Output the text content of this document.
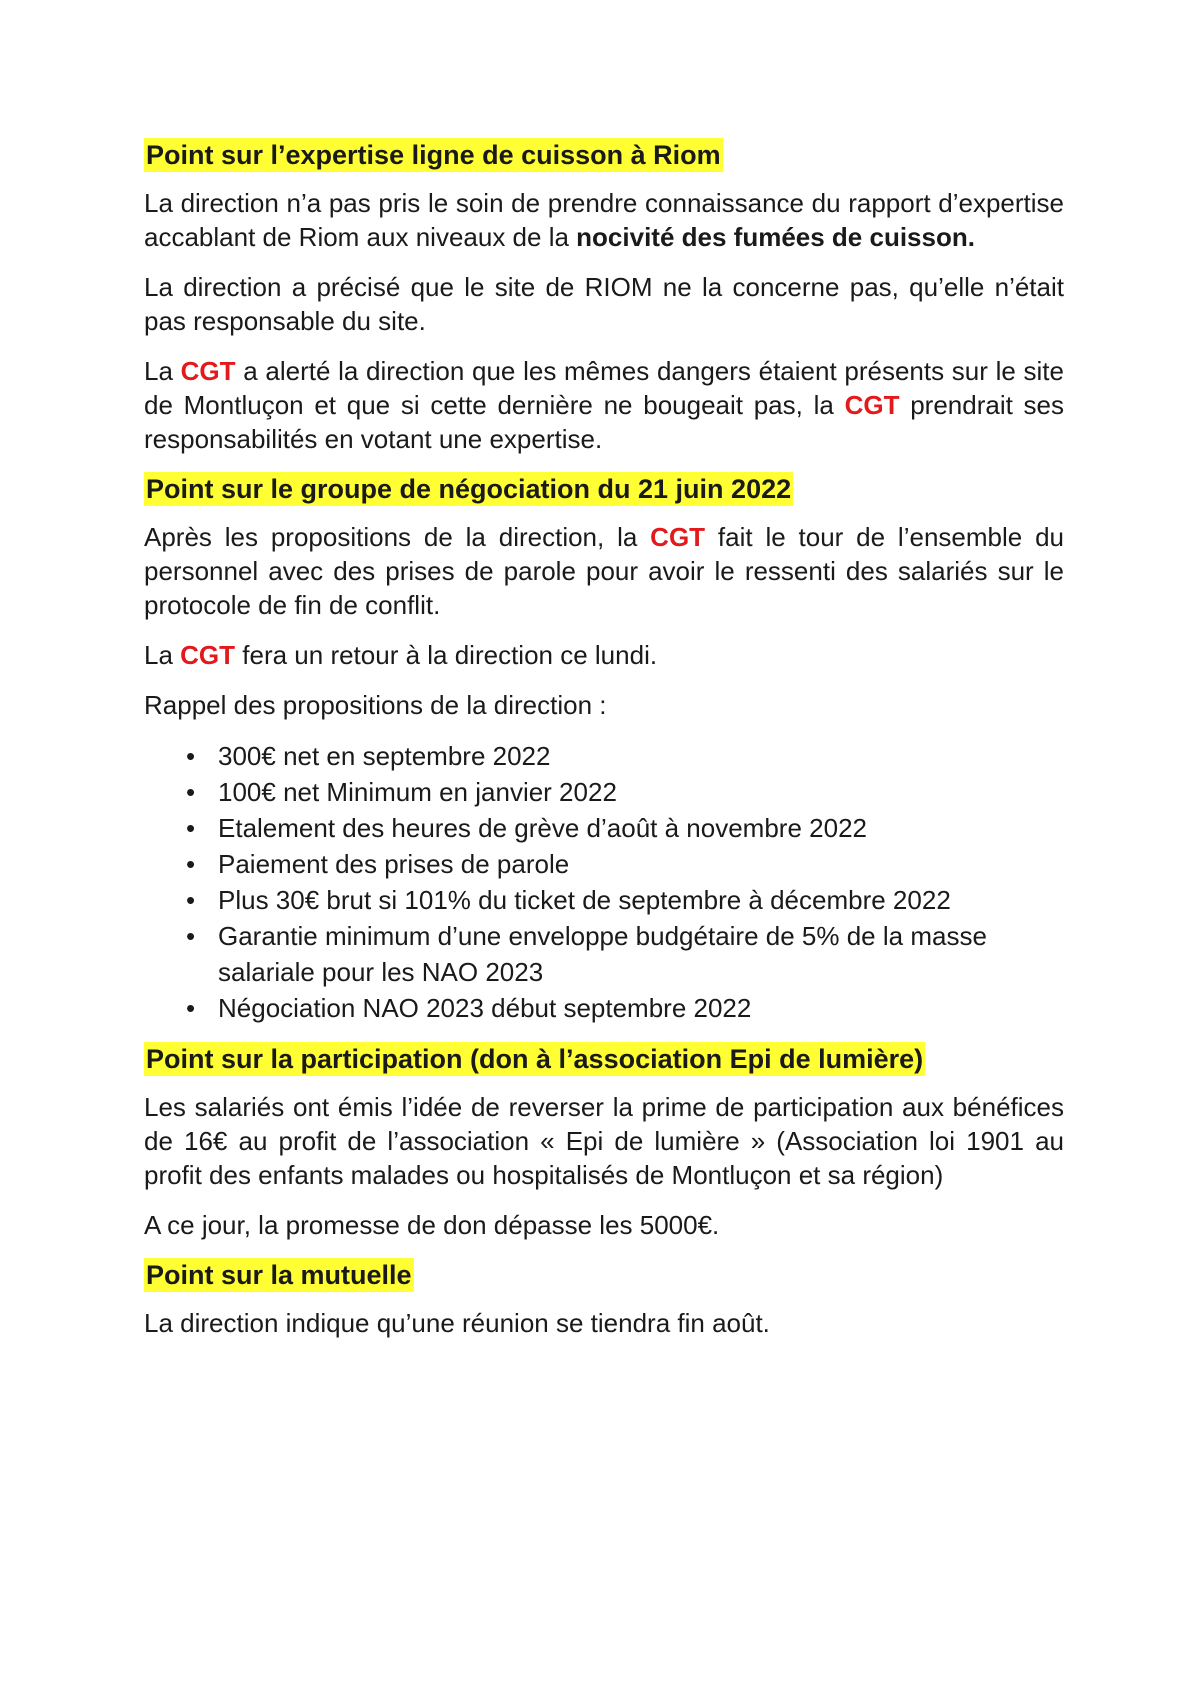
Point sur l’expertise ligne de cuisson à Riom

La direction n’a pas pris le soin de prendre connaissance du rapport d’expertise accablant de Riom aux niveaux de la nocivité des fumées de cuisson.

La direction a précisé que le site de RIOM ne la concerne pas, qu’elle n’était pas responsable du site.

La CGT a alerté la direction que les mêmes dangers étaient présents sur le site de Montluçon et que si cette dernière ne bougeait pas, la CGT prendrait ses responsabilités en votant une expertise.

Point sur le groupe de négociation du 21 juin 2022

Après les propositions de la direction, la CGT fait le tour de l’ensemble du personnel avec des prises de parole pour avoir le ressenti des salariés sur le protocole de fin de conflit.

La CGT fera un retour à la direction ce lundi.

Rappel des propositions de la direction :

• 300€ net en septembre 2022
• 100€ net Minimum en janvier 2022
• Etalement des heures de grève d’août à novembre 2022
• Paiement des prises de parole
• Plus 30€ brut si 101% du ticket de septembre à décembre 2022
• Garantie minimum d’une enveloppe budgétaire de 5% de la masse salariale pour les NAO 2023
• Négociation NAO 2023 début septembre 2022
Point sur la participation (don à l’association Epi de lumière)

Les salariés ont émis l’idée de reverser la prime de participation aux bénéfices de 16€ au profit de l’association « Epi de lumière » (Association loi 1901 au profit des enfants malades ou hospitalisés de Montluçon et sa région)

A ce jour, la promesse de don dépasse les 5000€.

Point sur la mutuelle

La direction indique qu’une réunion se tiendra fin août.
